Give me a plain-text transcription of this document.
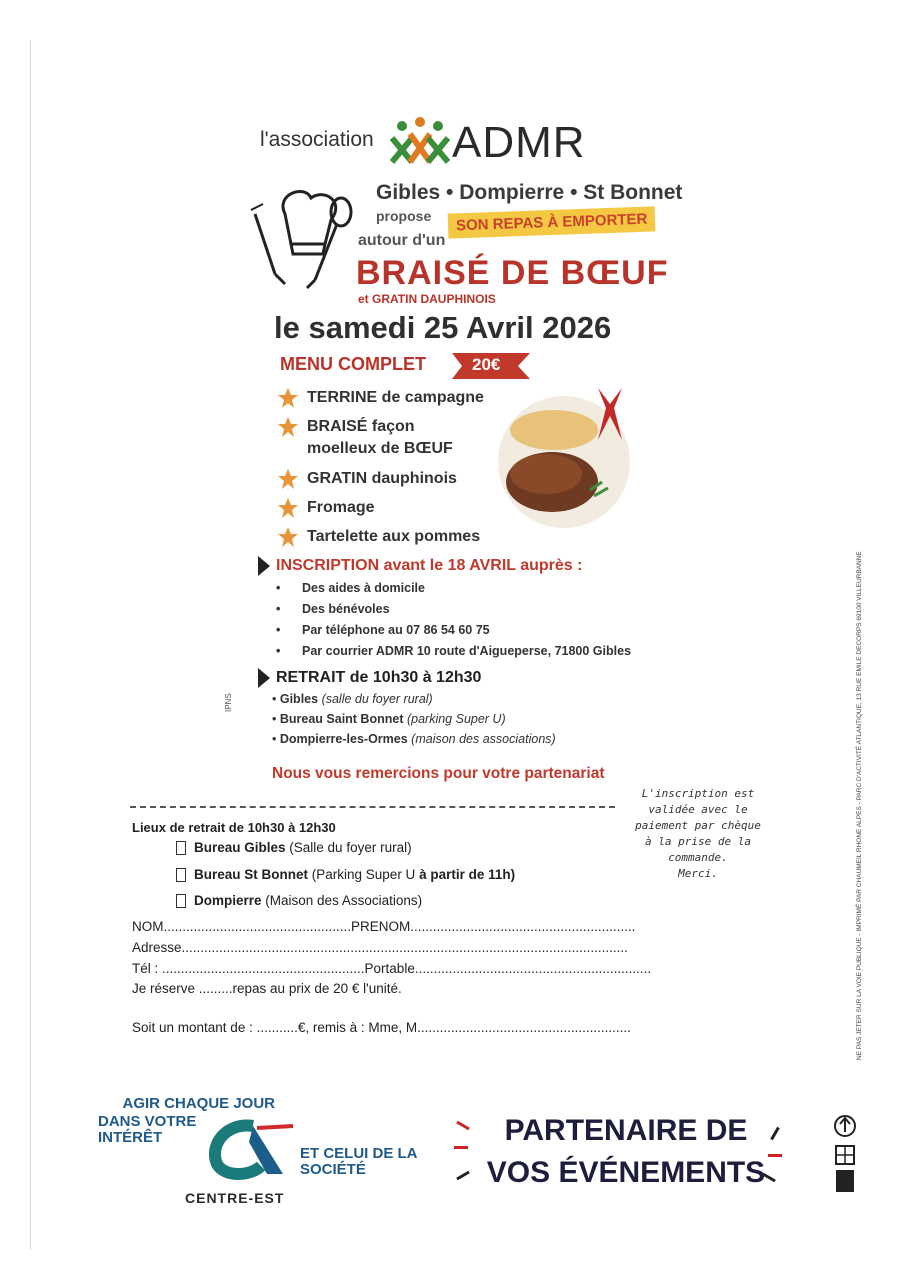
l'association ADMR
Gibles • Dompierre • St Bonnet
propose	SON REPAS À EMPORTER
autour d'un
BRAISÉ DE BŒUF
et GRATIN DAUPHINOIS
le samedi 25 Avril 2026
MENU COMPLET	20€
TERRINE de campagne
BRAISÉ façon
moelleux de BŒUF
GRATIN dauphinois
Fromage
Tartelette aux pommes
INSCRIPTION avant le 18 AVRIL auprès :
• Des aides à domicile
• Des bénévoles
• Par téléphone au 07 86 54 60 75
• Par courrier ADMR 10 route d'Aigueperse, 71800 Gibles
RETRAIT de 10h30 à 12h30
• Gibles (salle du foyer rural)
• Bureau Saint Bonnet (parking Super U)
• Dompierre-les-Ormes (maison des associations)
IPNS
Nous vous remercions pour votre partenariat
L'inscription est
validée avec le
paiement par chèque
à la prise de la
commande.
Merci.
Lieux de retrait de 10h30 à 12h30
Bureau Gibles (Salle du foyer rural)
Bureau St Bonnet (Parking Super U à partir de 11h)
Dompierre (Maison des Associations)
NOM..................................................PRENOM............................................................
Adresse.......................................................................................................................
Tél : ......................................................Portable...............................................................
Je réserve .........repas au prix de 20 € l'unité.
Soit un montant de : ...........€, remis à : Mme, M.........................................................	NE PAS JETER SUR LA VOIE PUBLIQUE - IMPRIMÉ PAR CHAUMEIL RHONE ALPES - PARC D'ACTIVITÉ ATLANTIQUE, 13 RUE EMILE DECORPS 69100 VILLEURBANNE
AGIR CHAQUE JOUR
DANS VOTRE
INTÉRÊT
ET CELUI DE LA
SOCIÉTÉ
CENTRE-EST
PARTENAIRE DE
VOS ÉVÉNEMENTS
